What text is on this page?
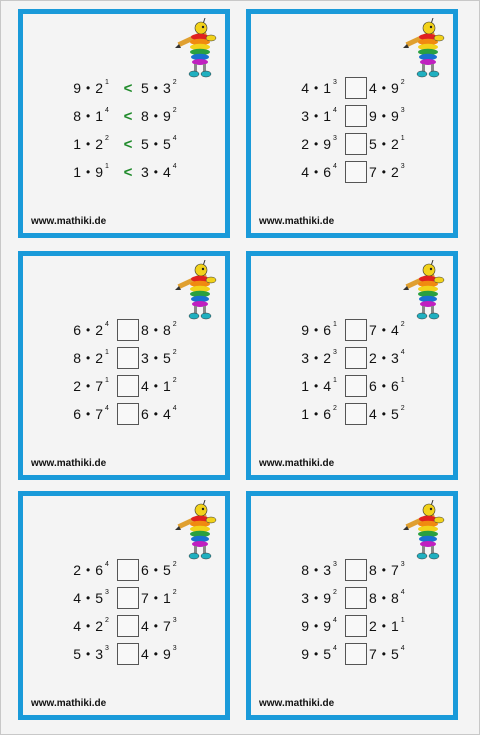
9 • 2 1 < 5 • 3 2
8 • 1 4 < 8 • 9 2
1 • 2 2 < 5 • 5 4
1 • 9 1 < 3 • 4 4
www.mathiki.de
4 • 1 3 4 • 9 2
3 • 1 4 9 • 9 3
2 • 9 3 5 • 2 1
4 • 6 4 7 • 2 3
www.mathiki.de
6 • 2 4 8 • 8 2
8 • 2 1 3 • 5 2
2 • 7 1 4 • 1 2
6 • 7 4 6 • 4 4
www.mathiki.de
9 • 6 1 7 • 4 2
3 • 2 3 2 • 3 4
1 • 4 1 6 • 6 1
1 • 6 2 4 • 5 2
www.mathiki.de
2 • 6 4 6 • 5 2
4 • 5 3 7 • 1 2
4 • 2 2 4 • 7 3
5 • 3 3 4 • 9 3
www.mathiki.de
8 • 3 3 8 • 7 3
3 • 9 2 8 • 8 4
9 • 9 4 2 • 1 1
9 • 5 4 7 • 5 4
www.mathiki.de
